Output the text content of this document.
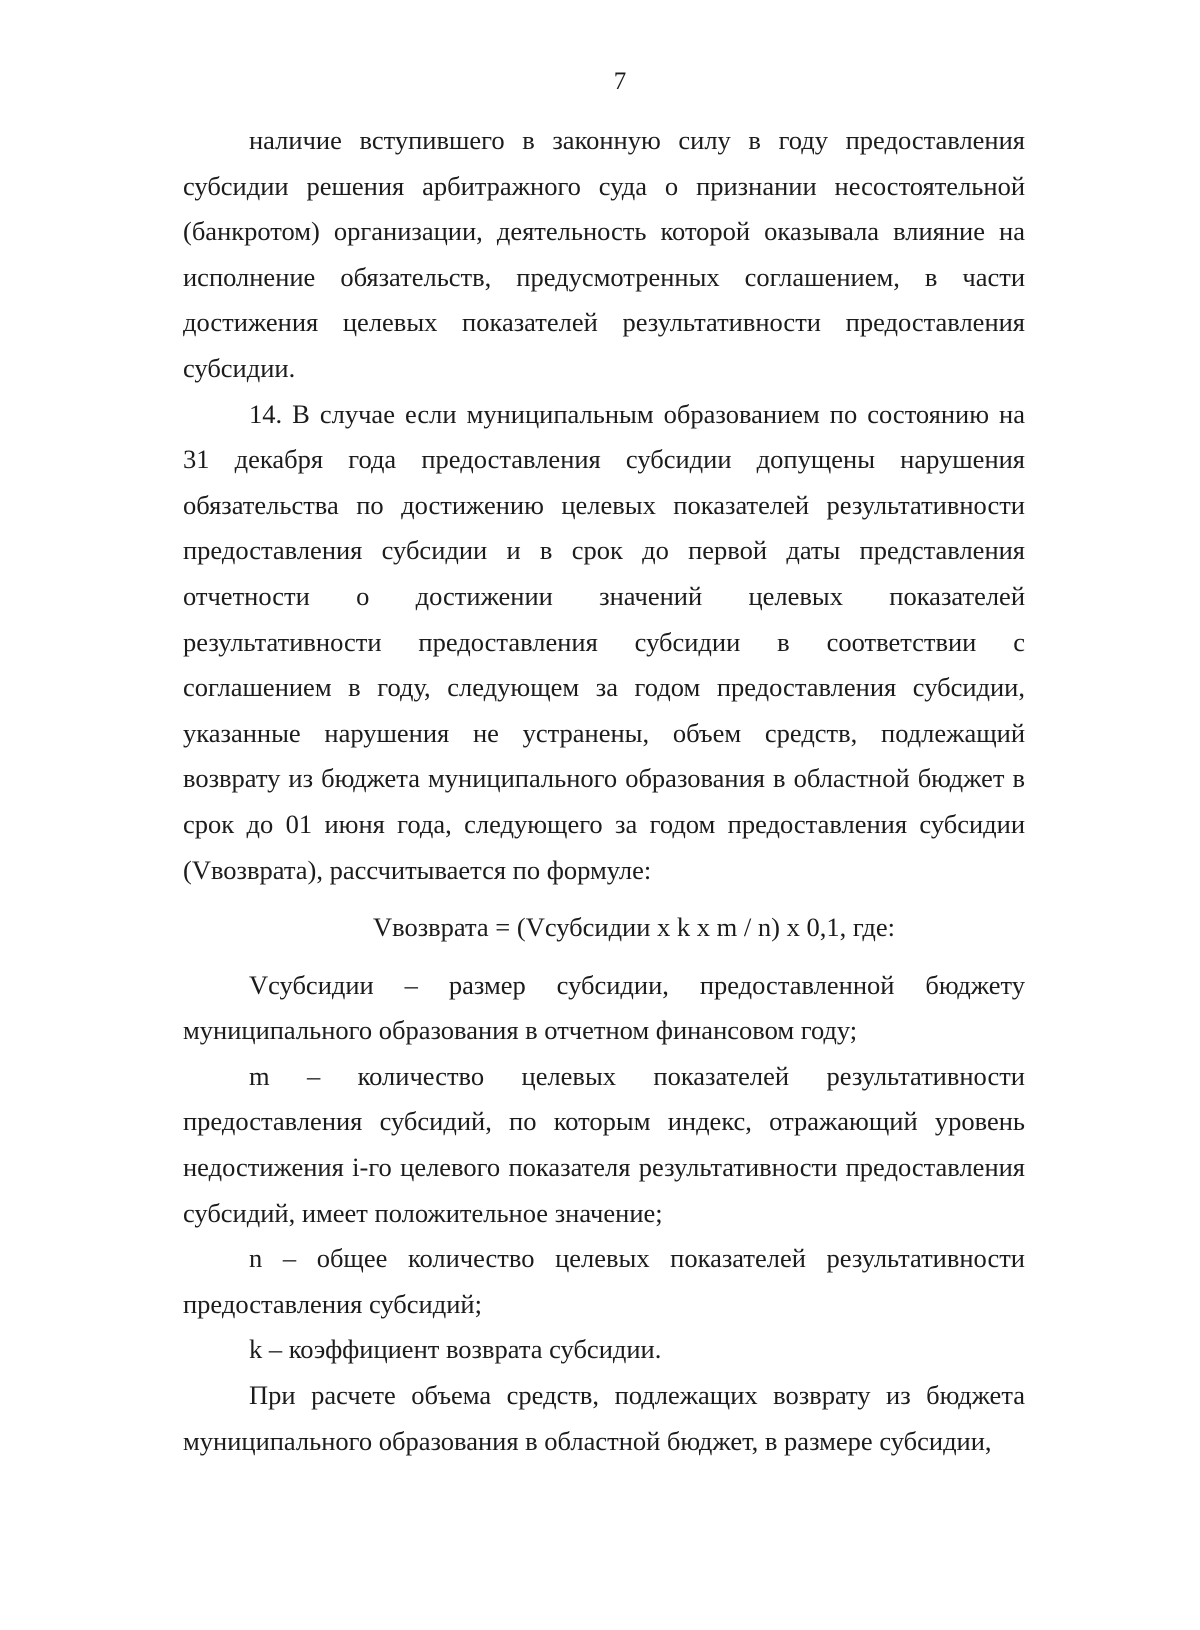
7

наличие вступившего в законную силу в году предоставления субсидии решения арбитражного суда о признании несостоятельной (банкротом) организации, деятельность которой оказывала влияние на исполнение обязательств, предусмотренных соглашением, в части достижения целевых показателей результативности предоставления субсидии.

14. В случае если муниципальным образованием по состоянию на 31 декабря года предоставления субсидии допущены нарушения обязательства по достижению целевых показателей результативности предоставления субсидии и в срок до первой даты представления отчетности о достижении значений целевых показателей результативности предоставления субсидии в соответствии с соглашением в году, следующем за годом предоставления субсидии, указанные нарушения не устранены, объем средств, подлежащий возврату из бюджета муниципального образования в областной бюджет в срок до 01 июня года, следующего за годом предоставления субсидии (Vвозврата), рассчитывается по формуле:

Vвозврата = (Vсубсидии x k x m / n) x 0,1, где:

Vсубсидии – размер субсидии, предоставленной бюджету муниципального образования в отчетном финансовом году;

m – количество целевых показателей результативности предоставления субсидий, по которым индекс, отражающий уровень недостижения i-го целевого показателя результативности предоставления субсидий, имеет положительное значение;

n – общее количество целевых показателей результативности предоставления субсидий;

k – коэффициент возврата субсидии.

При расчете объема средств, подлежащих возврату из бюджета муниципального образования в областной бюджет, в размере субсидии,
